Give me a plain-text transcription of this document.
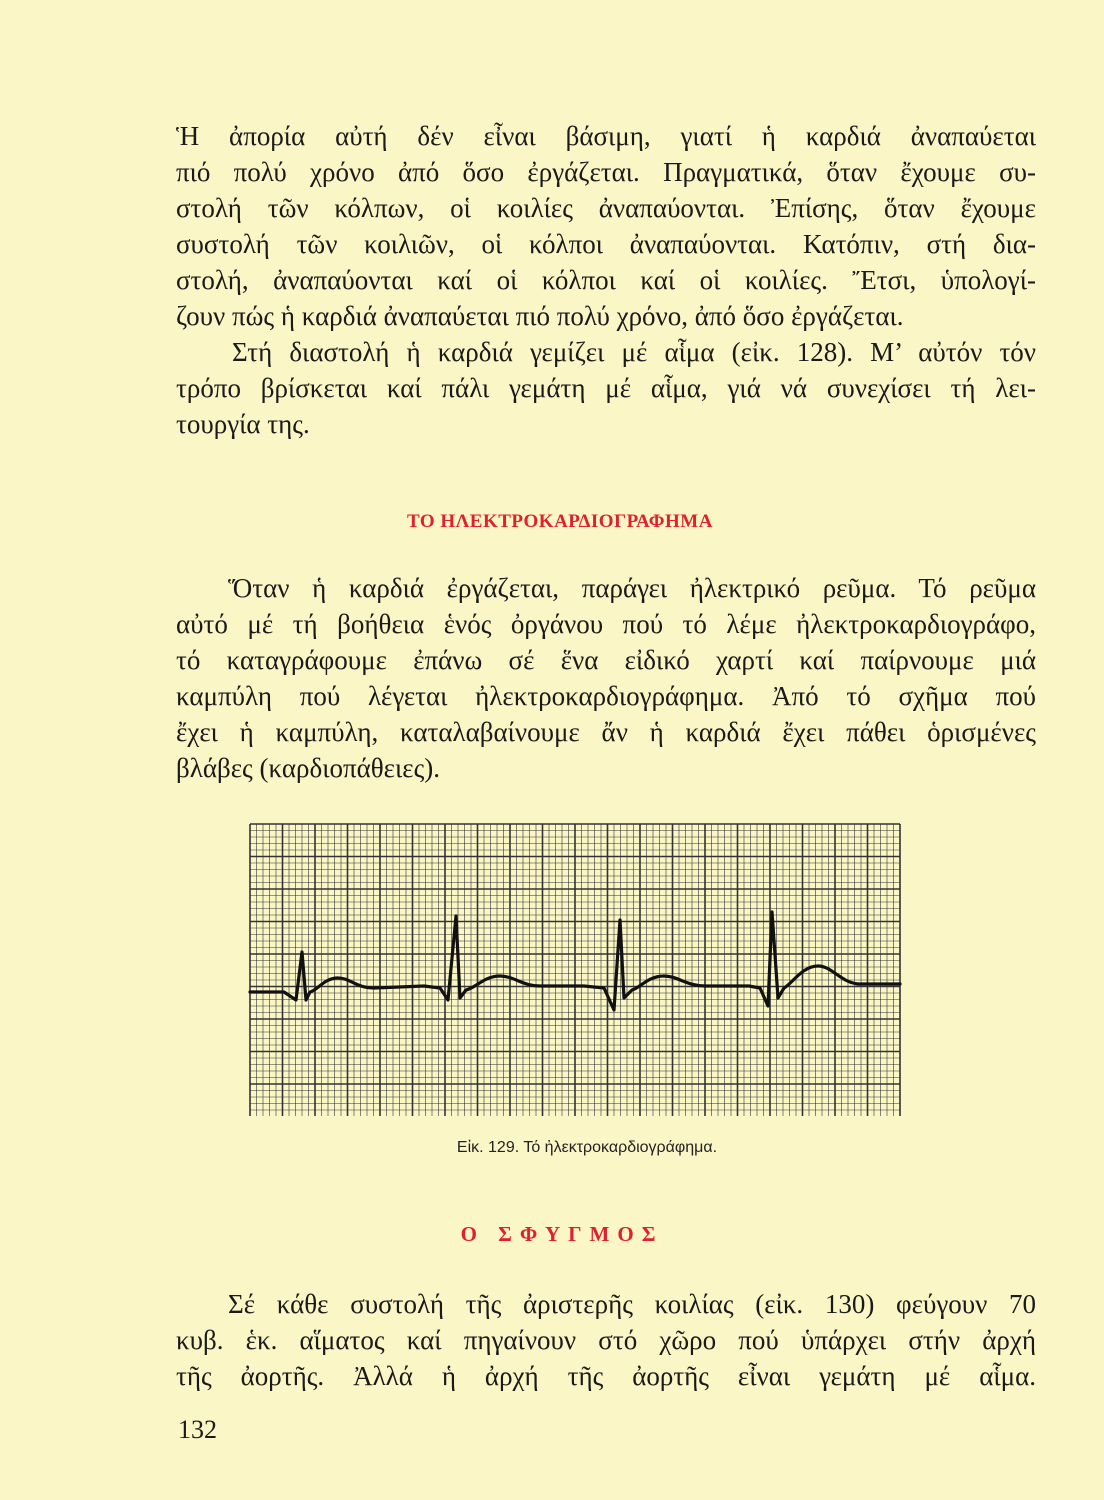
Ἡ ἀπορία αὐτή δέν εἶναι βάσιμη, γιατί ἡ καρδιά ἀναπαύεται
πιό πολύ χρόνο ἀπό ὅσο ἐργάζεται. Πραγματικά, ὅταν ἔχουμε συ-
στολή τῶν κόλπων, οἱ κοιλίες ἀναπαύονται. Ἐπίσης, ὅταν ἔχουμε
συστολή τῶν κοιλιῶν, οἱ κόλποι ἀναπαύονται. Κατόπιν, στή δια-
στολή, ἀναπαύονται καί οἱ κόλποι καί οἱ κοιλίες. Ἔτσι, ὑπολογί-
ζουν πώς ἡ καρδιά ἀναπαύεται πιό πολύ χρόνο, ἀπό ὅσο ἐργάζεται.
Στή διαστολή ἡ καρδιά γεμίζει μέ αἷμα (εἰκ. 128). Μ’ αὐτόν τόν
τρόπο βρίσκεται καί πάλι γεμάτη μέ αἷμα, γιά νά συνεχίσει τή λει-
τουργία της.
ΤΟ ΗΛΕΚΤΡΟΚΑΡΔΙΟΓΡΑΦΗΜΑ
Ὅταν ἡ καρδιά ἐργάζεται, παράγει ἠλεκτρικό ρεῦμα. Τό ρεῦμα
αὐτό μέ τή βοήθεια ἑνός ὀργάνου πού τό λέμε ἠλεκτροκαρδιογράφο,
τό καταγράφουμε ἐπάνω σέ ἕνα εἰδικό χαρτί καί παίρνουμε μιά
καμπύλη πού λέγεται ἠλεκτροκαρδιογράφημα. Ἀπό τό σχῆμα πού
ἔχει ἡ καμπύλη, καταλαβαίνουμε ἄν ἡ καρδιά ἔχει πάθει ὁρισμένες
βλάβες (καρδιοπάθειες).
Εἰκ. 129. Τό ἠλεκτροκαρδιογράφημα.
Ο ΣΦΥΓΜΟΣ
Σέ κάθε συστολή τῆς ἀριστερῆς κοιλίας (εἰκ. 130) φεύγουν 70
κυβ. ἑκ. αἵματος καί πηγαίνουν στό χῶρο πού ὑπάρχει στήν ἀρχή
τῆς ἀορτῆς. Ἀλλά ἡ ἀρχή τῆς ἀορτῆς εἶναι γεμάτη μέ αἷμα.
132
